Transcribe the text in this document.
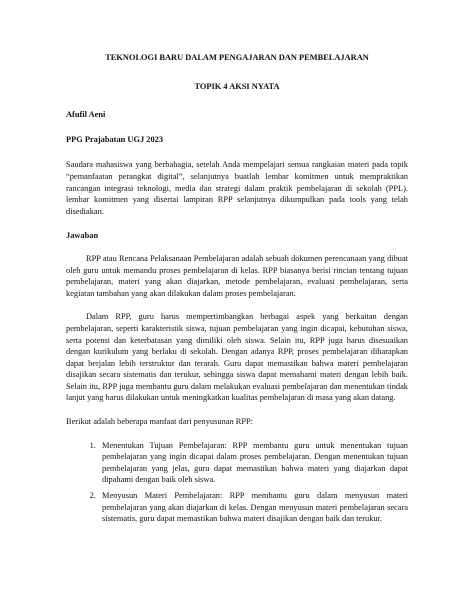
TEKNOLOGI BARU DALAM PENGAJARAN DAN PEMBELAJARAN
TOPIK 4 AKSI NYATA
Afufil Aeni
PPG Prajabatan UGJ 2023

Saudara mahasiswa yang berbahagia, setelah Anda mempelajari semua rangkaian materi pada topik “pemanfaatan perangkat digital”, selanjutnya buatlah lembar komitmen untuk mempraktikan rancangan integrasi teknologi, media dan strategi dalam praktik pembelajaran di sekolah (PPL). lembar komitmen yang disertai lampiran RPP selanjutnya dikumpulkan pada tools yang telah disediakan.

Jawaban

RPP atau Rencana Pelaksanaan Pembelajaran adalah sebuah dokumen perencanaan yang dibuat oleh guru untuk memandu proses pembelajaran di kelas. RPP biasanya berisi rincian tentang tujuan pembelajaran, materi yang akan diajarkan, metode pembelajaran, evaluasi pembelajaran, serta kegiatan tambahan yang akan dilakukan dalam proses pembelajaran.

Dalam RPP, guru harus mempertimbangkan berbagai aspek yang berkaitan dengan pembelajaran, seperti karakteristik siswa, tujuan pembelajaran yang ingin dicapai, kebutuhan siswa, serta potensi dan keterbatasan yang dimiliki oleh siswa. Selain itu, RPP juga harus disesuaikan dengan kurikulum yang berlaku di sekolah. Dengan adanya RPP, proses pembelajaran diharapkan dapat berjalan lebih terstruktur dan terarah. Guru dapat memastikan bahwa materi pembelajaran disajikan secara sistematis dan terukur, sehingga siswa dapat memahami materi dengan lebih baik. Selain itu, RPP juga membantu guru dalam melakukan evaluasi pembelajaran dan menentukan tindak lanjut yang harus dilakukan untuk meningkatkan kualitas pembelajaran di masa yang akan datang.

Berikut adalah beberapa manfaat dari penyusunan RPP:

1. Menentukan Tujuan Pembelajaran: RPP membantu guru untuk menentukan tujuan pembelajaran yang ingin dicapai dalam proses pembelajaran. Dengan menentukan tujuan pembelajaran yang jelas, guru dapat memastikan bahwa materi yang diajarkan dapat dipahami dengan baik oleh siswa.
2. Menyusun Materi Pembelajaran: RPP membantu guru dalam menyusun materi pembelajaran yang akan diajarkan di kelas. Dengan menyusun materi pembelajaran secara sistematis, guru dapat memastikan bahwa materi disajikan dengan baik dan terukur.
